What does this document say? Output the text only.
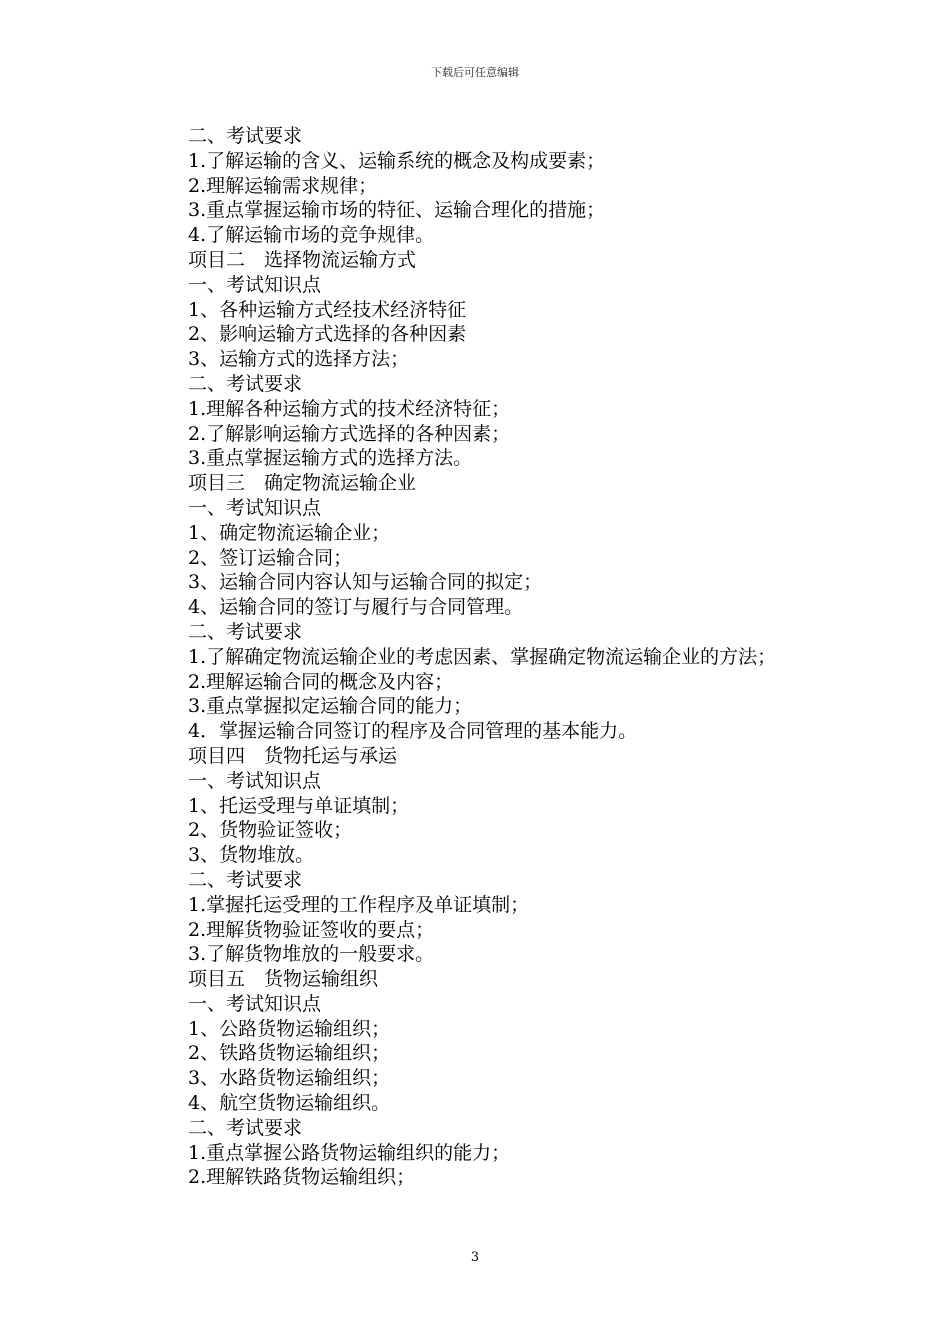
下载后可任意编辑
二、考试要求
1.了解运输的含义、运输系统的概念及构成要素；
2.理解运输需求规律；
3.重点掌握运输市场的特征、运输合理化的措施；
4.了解运输市场的竞争规律。
项目二　选择物流运输方式
一、考试知识点
1、各种运输方式经技术经济特征
2、影响运输方式选择的各种因素
3、运输方式的选择方法；
二、考试要求
1.理解各种运输方式的技术经济特征；
2.了解影响运输方式选择的各种因素；
3.重点掌握运输方式的选择方法。
项目三　确定物流运输企业
一、考试知识点
1、确定物流运输企业；
2、签订运输合同；
3、运输合同内容认知与运输合同的拟定；
4、运输合同的签订与履行与合同管理。
二、考试要求
1.了解确定物流运输企业的考虑因素、掌握确定物流运输企业的方法；
2.理解运输合同的概念及内容；
3.重点掌握拟定运输合同的能力；
4．掌握运输合同签订的程序及合同管理的基本能力。
项目四　货物托运与承运
一、考试知识点
1、托运受理与单证填制；
2、货物验证签收；
3、货物堆放。
二、考试要求
1.掌握托运受理的工作程序及单证填制；
2.理解货物验证签收的要点；
3.了解货物堆放的一般要求。
项目五　货物运输组织
一、考试知识点
1、公路货物运输组织；
2、铁路货物运输组织；
3、水路货物运输组织；
4、航空货物运输组织。
二、考试要求
1.重点掌握公路货物运输组织的能力；
2.理解铁路货物运输组织；
3
